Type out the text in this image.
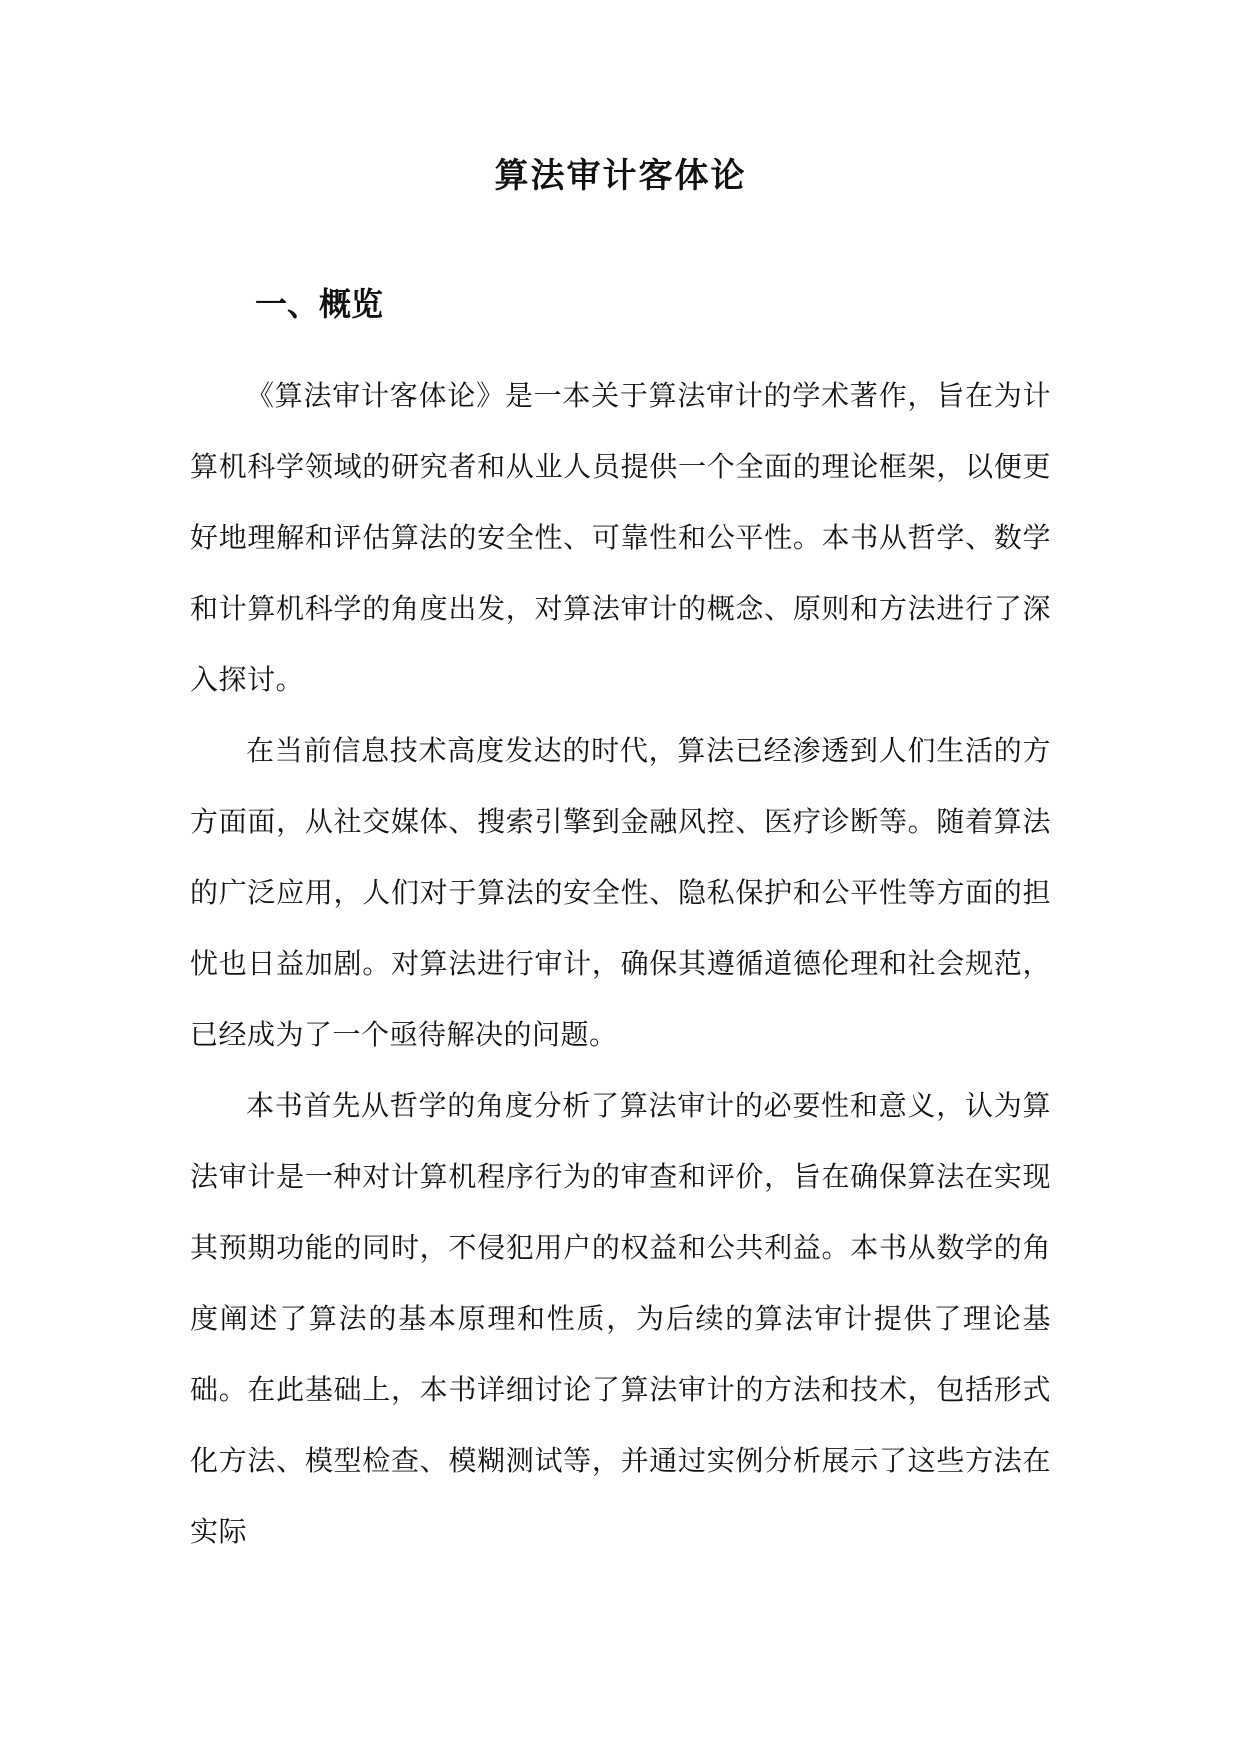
算法审计客体论
一、概览

《算法审计客体论》是一本关于算法审计的学术著作，旨在为计算机科学领域的研究者和从业人员提供一个全面的理论框架，以便更好地理解和评估算法的安全性、可靠性和公平性。本书从哲学、数学和计算机科学的角度出发，对算法审计的概念、原则和方法进行了深入探讨。

在当前信息技术高度发达的时代，算法已经渗透到人们生活的方方面面，从社交媒体、搜索引擎到金融风控、医疗诊断等。随着算法的广泛应用，人们对于算法的安全性、隐私保护和公平性等方面的担忧也日益加剧。对算法进行审计，确保其遵循道德伦理和社会规范，已经成为了一个亟待解决的问题。

本书首先从哲学的角度分析了算法审计的必要性和意义，认为算法审计是一种对计算机程序行为的审查和评价，旨在确保算法在实现其预期功能的同时，不侵犯用户的权益和公共利益。本书从数学的角度阐述了算法的基本原理和性质，为后续的算法审计提供了理论基础。在此基础上，本书详细讨论了算法审计的方法和技术，包括形式化方法、模型检查、模糊测试等，并通过实例分析展示了这些方法在实际
